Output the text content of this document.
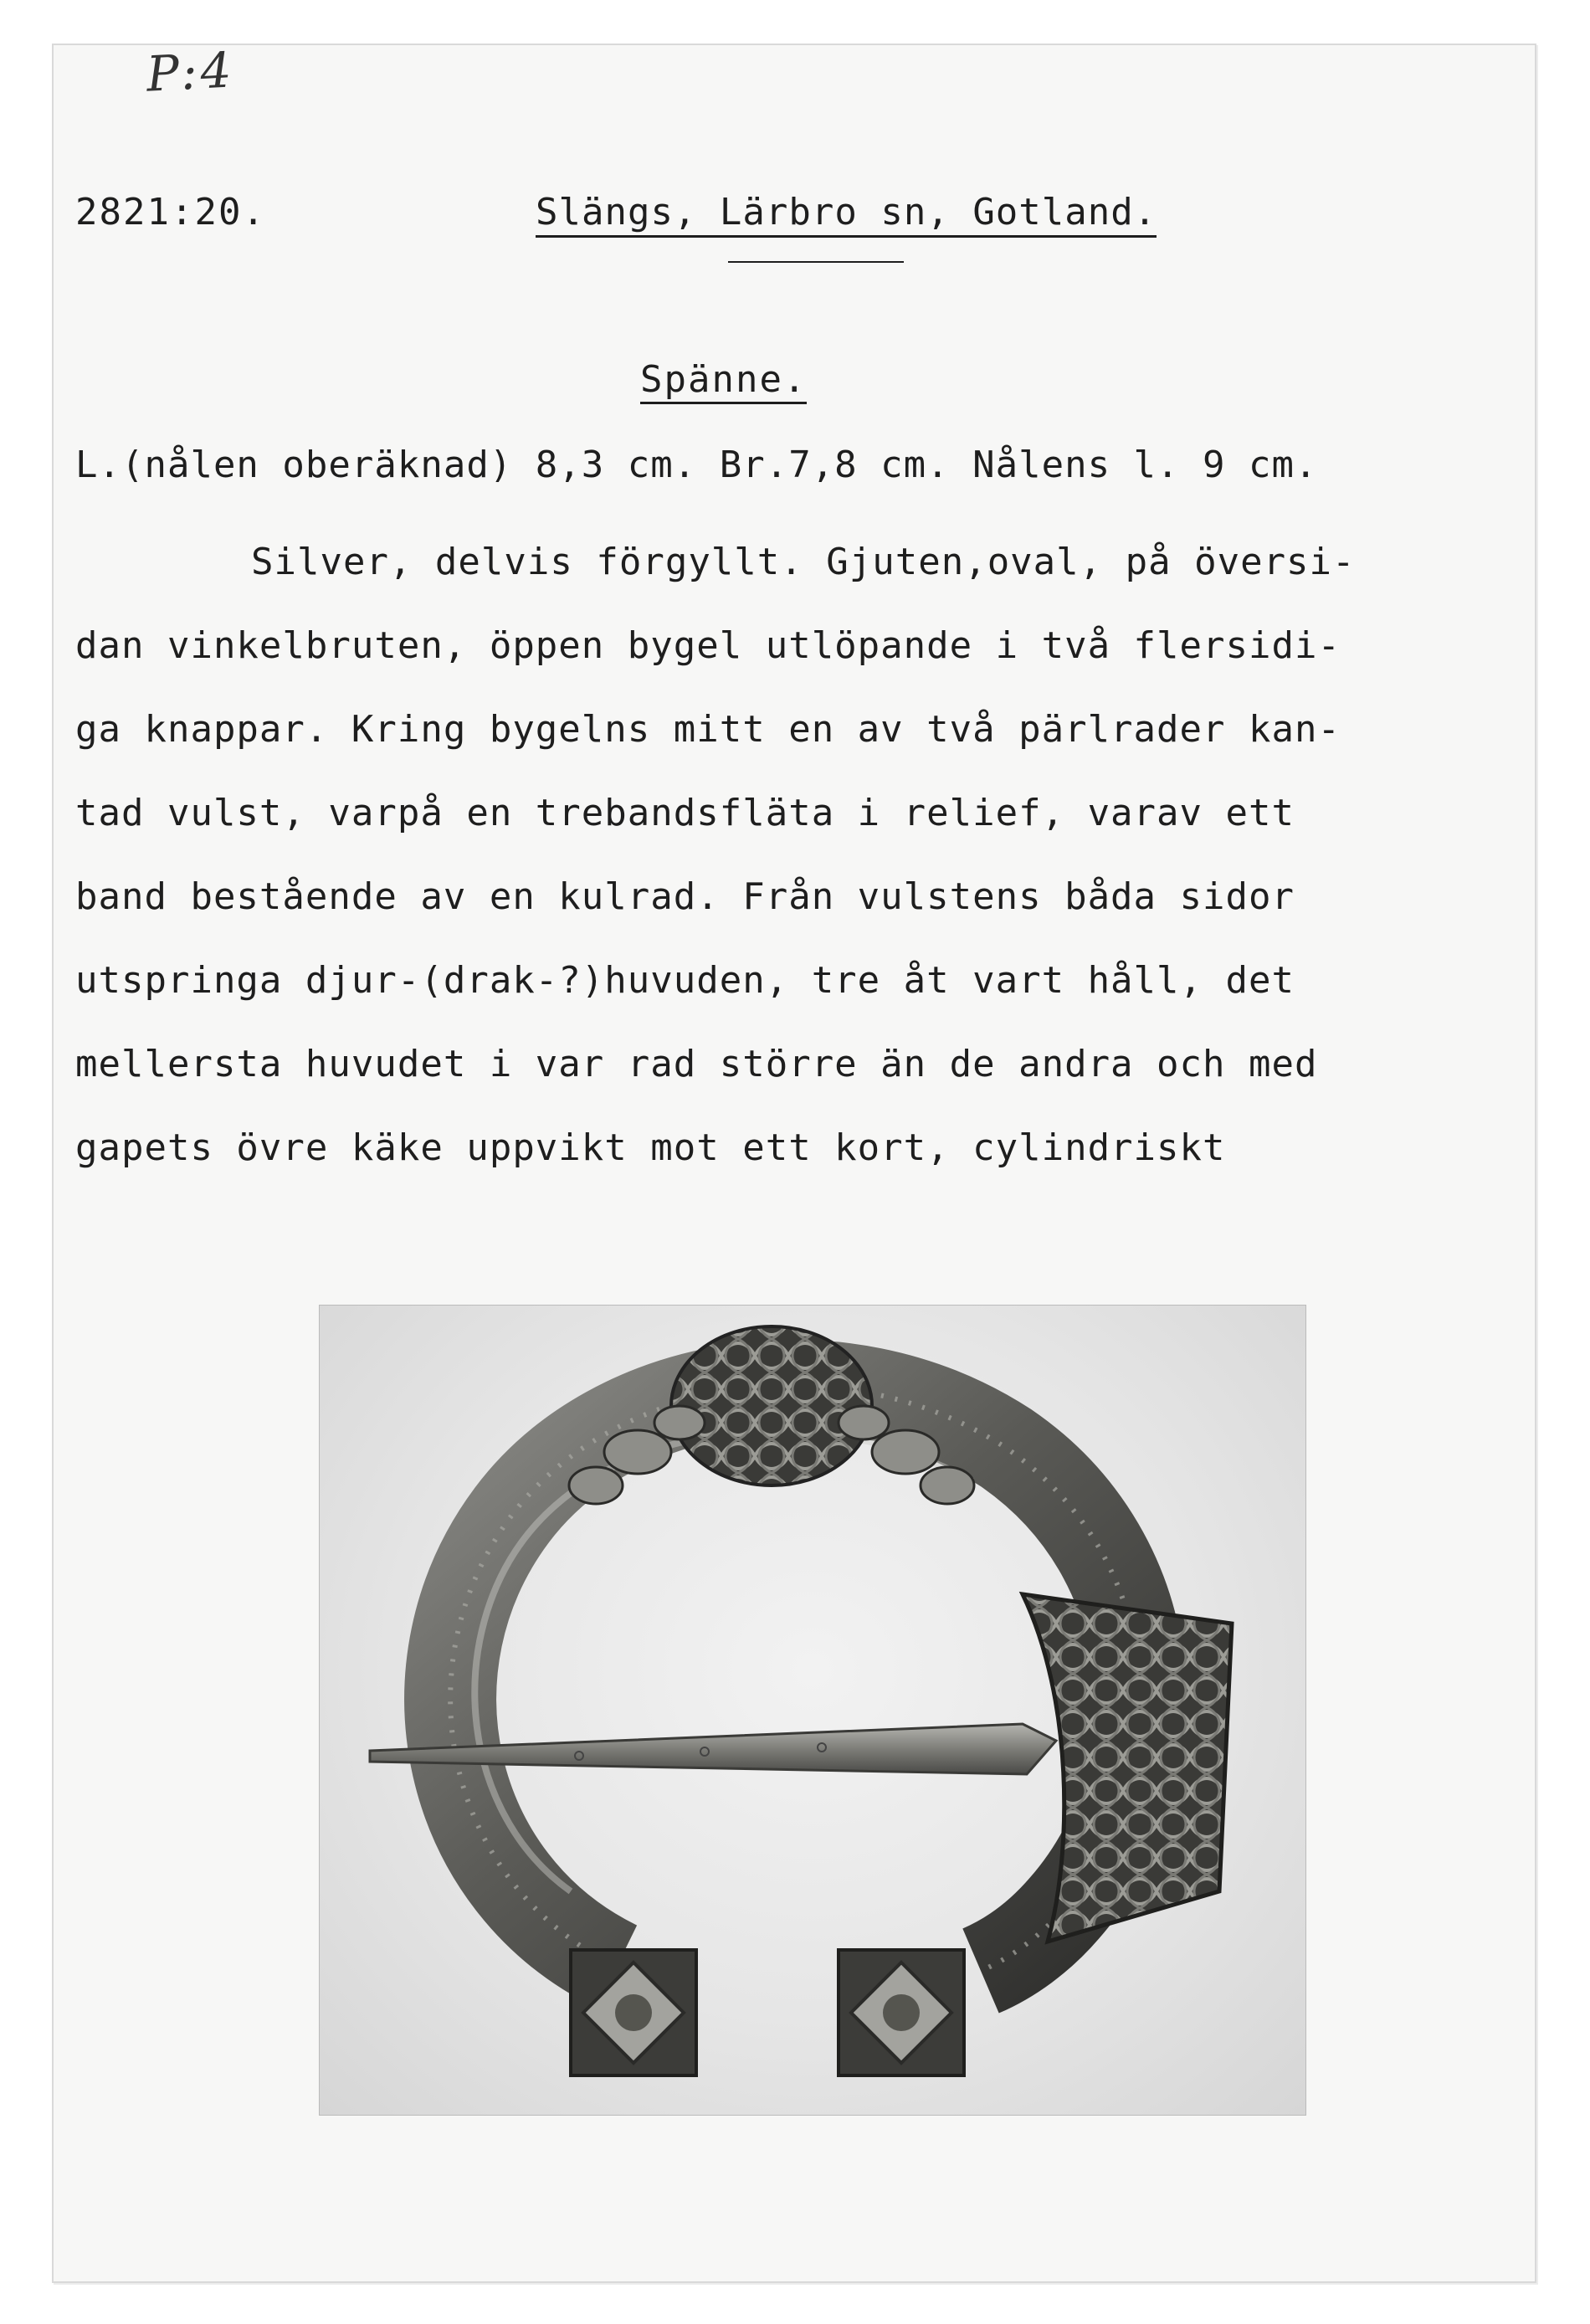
P:4
2821:20.	Slängs, Lärbro sn, Gotland.
Spänne.
L.(nålen oberäknad) 8,3 cm. Br.7,8 cm. Nålens l. 9 cm.
Silver, delvis förgyllt. Gjuten,oval, på översi-
dan vinkelbruten, öppen bygel utlöpande i två flersidi-
ga knappar. Kring bygelns mitt en av två pärlrader kan-
tad vulst, varpå en trebandsfläta i relief, varav ett
band bestående av en kulrad. Från vulstens båda sidor
utspringa djur-(drak-?)huvuden, tre åt vart håll, det
mellersta huvudet i var rad större än de andra och med
gapets övre käke uppvikt mot ett kort, cylindriskt
